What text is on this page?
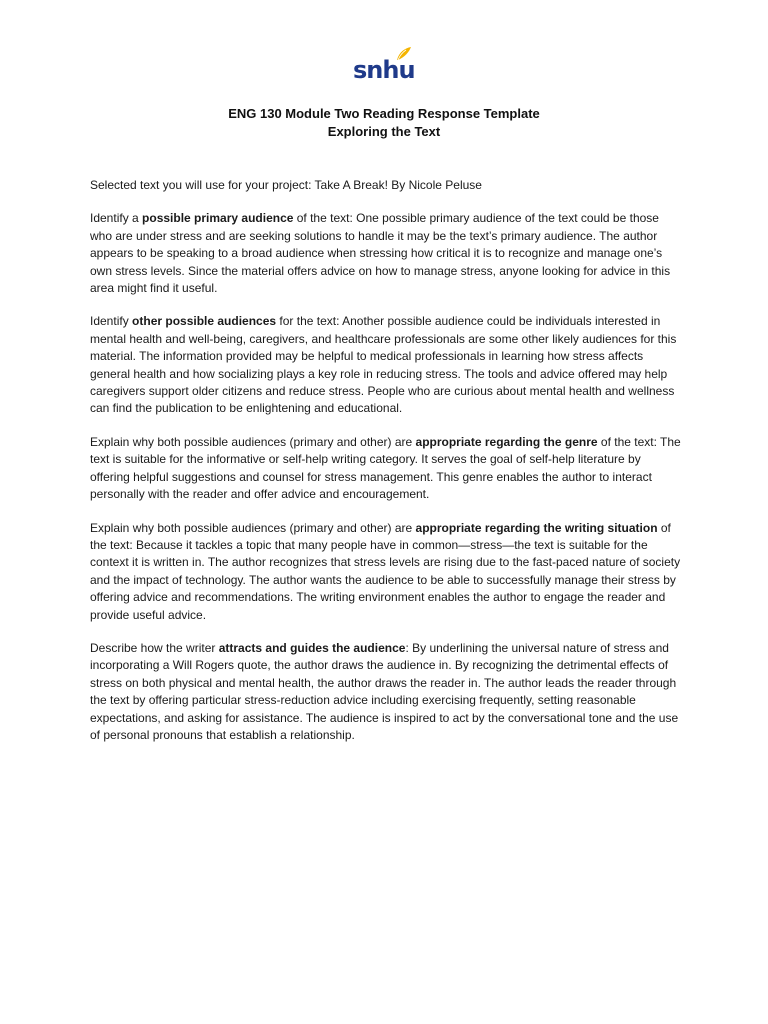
snhu
ENG 130 Module Two Reading Response Template
Exploring the Text

Selected text you will use for your project: Take A Break! By Nicole Peluse

Identify a possible primary audience of the text: One possible primary audience of the text could be those who are under stress and are seeking solutions to handle it may be the text’s primary audience. The author appears to be speaking to a broad audience when stressing how critical it is to recognize and manage one’s own stress levels. Since the material offers advice on how to manage stress, anyone looking for advice in this area might find it useful.

Identify other possible audiences for the text: Another possible audience could be individuals interested in mental health and well-being, caregivers, and healthcare professionals are some other likely audiences for this material. The information provided may be helpful to medical professionals in learning how stress affects general health and how socializing plays a key role in reducing stress. The tools and advice offered may help caregivers support older citizens and reduce stress. People who are curious about mental health and wellness can find the publication to be enlightening and educational.

Explain why both possible audiences (primary and other) are appropriate regarding the genre of the text: The text is suitable for the informative or self-help writing category. It serves the goal of self-help literature by offering helpful suggestions and counsel for stress management. This genre enables the author to interact personally with the reader and offer advice and encouragement.

Explain why both possible audiences (primary and other) are appropriate regarding the writing situation of the text: Because it tackles a topic that many people have in common—stress—the text is suitable for the context it is written in. The author recognizes that stress levels are rising due to the fast-paced nature of society and the impact of technology. The author wants the audience to be able to successfully manage their stress by offering advice and recommendations. The writing environment enables the author to engage the reader and provide useful advice.

Describe how the writer attracts and guides the audience: By underlining the universal nature of stress and incorporating a Will Rogers quote, the author draws the audience in. By recognizing the detrimental effects of stress on both physical and mental health, the author draws the reader in. The author leads the reader through the text by offering particular stress-reduction advice including exercising frequently, setting reasonable expectations, and asking for assistance. The audience is inspired to act by the conversational tone and the use of personal pronouns that establish a relationship.
